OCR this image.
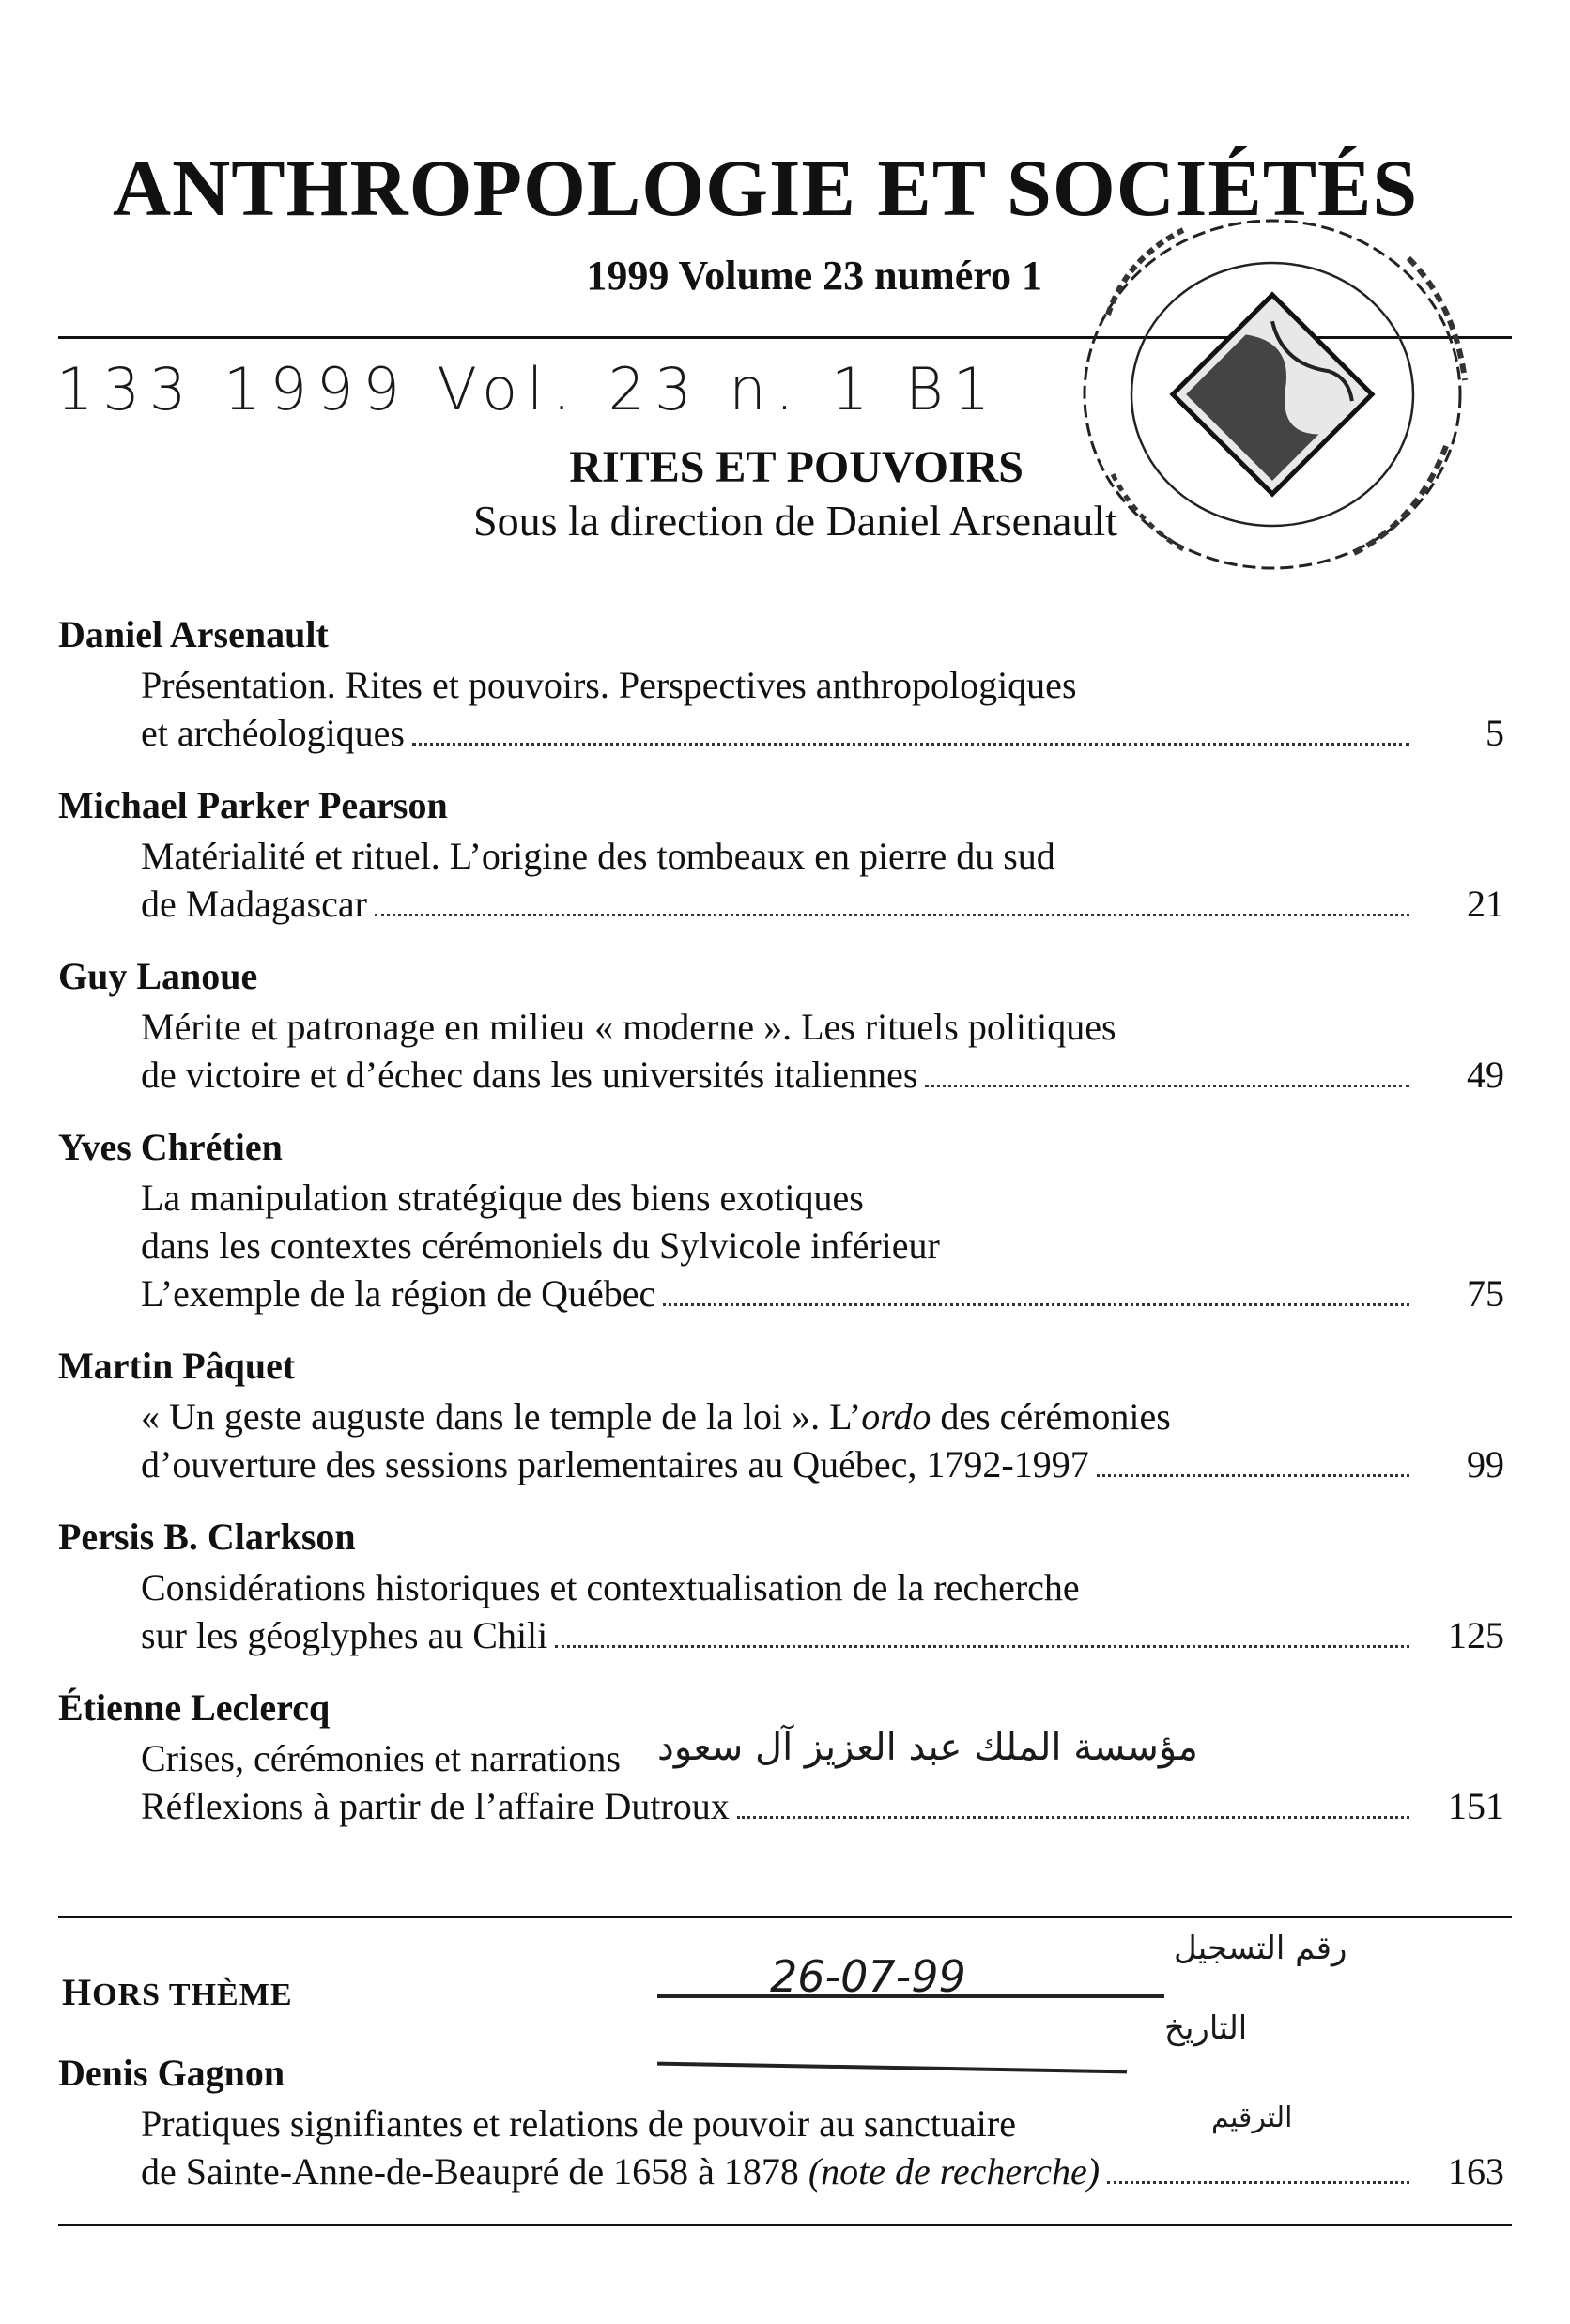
ANTHROPOLOGIE ET SOCIÉTÉS
1999 Volume 23 numéro 1
133 1999 Vol. 23 n. 1 B1
RITES ET POUVOIRS
Sous la direction de Daniel Arsenault
Daniel Arsenault
Présentation. Rites et pouvoirs. Perspectives anthropologiques
et archéologiques	5
Michael Parker Pearson
Matérialité et rituel. L’origine des tombeaux en pierre du sud
de Madagascar	21
Guy Lanoue
Mérite et patronage en milieu « moderne ». Les rituels politiques
de victoire et d’échec dans les universités italiennes	49
Yves Chrétien
La manipulation stratégique des biens exotiques
dans les contextes cérémoniels du Sylvicole inférieur
L’exemple de la région de Québec	75
Martin Pâquet
« Un geste auguste dans le temple de la loi ». L’ordo des cérémonies
d’ouverture des sessions parlementaires au Québec, 1792-1997	99
Persis B. Clarkson
Considérations historiques et contextualisation de la recherche
sur les géoglyphes au Chili	125
Étienne Leclercq
Crises, cérémonies et narrations
Réflexions à partir de l’affaire Dutroux	151
مؤسسة الملك عبد العزيز آل سعود
HORS THÈME	26-07-99
رقم التسجيل
التاريخ
الترقيم
Denis Gagnon
Pratiques signifiantes et relations de pouvoir au sanctuaire
de Sainte-Anne-de-Beaupré de 1658 à 1878 (note de recherche)	163
